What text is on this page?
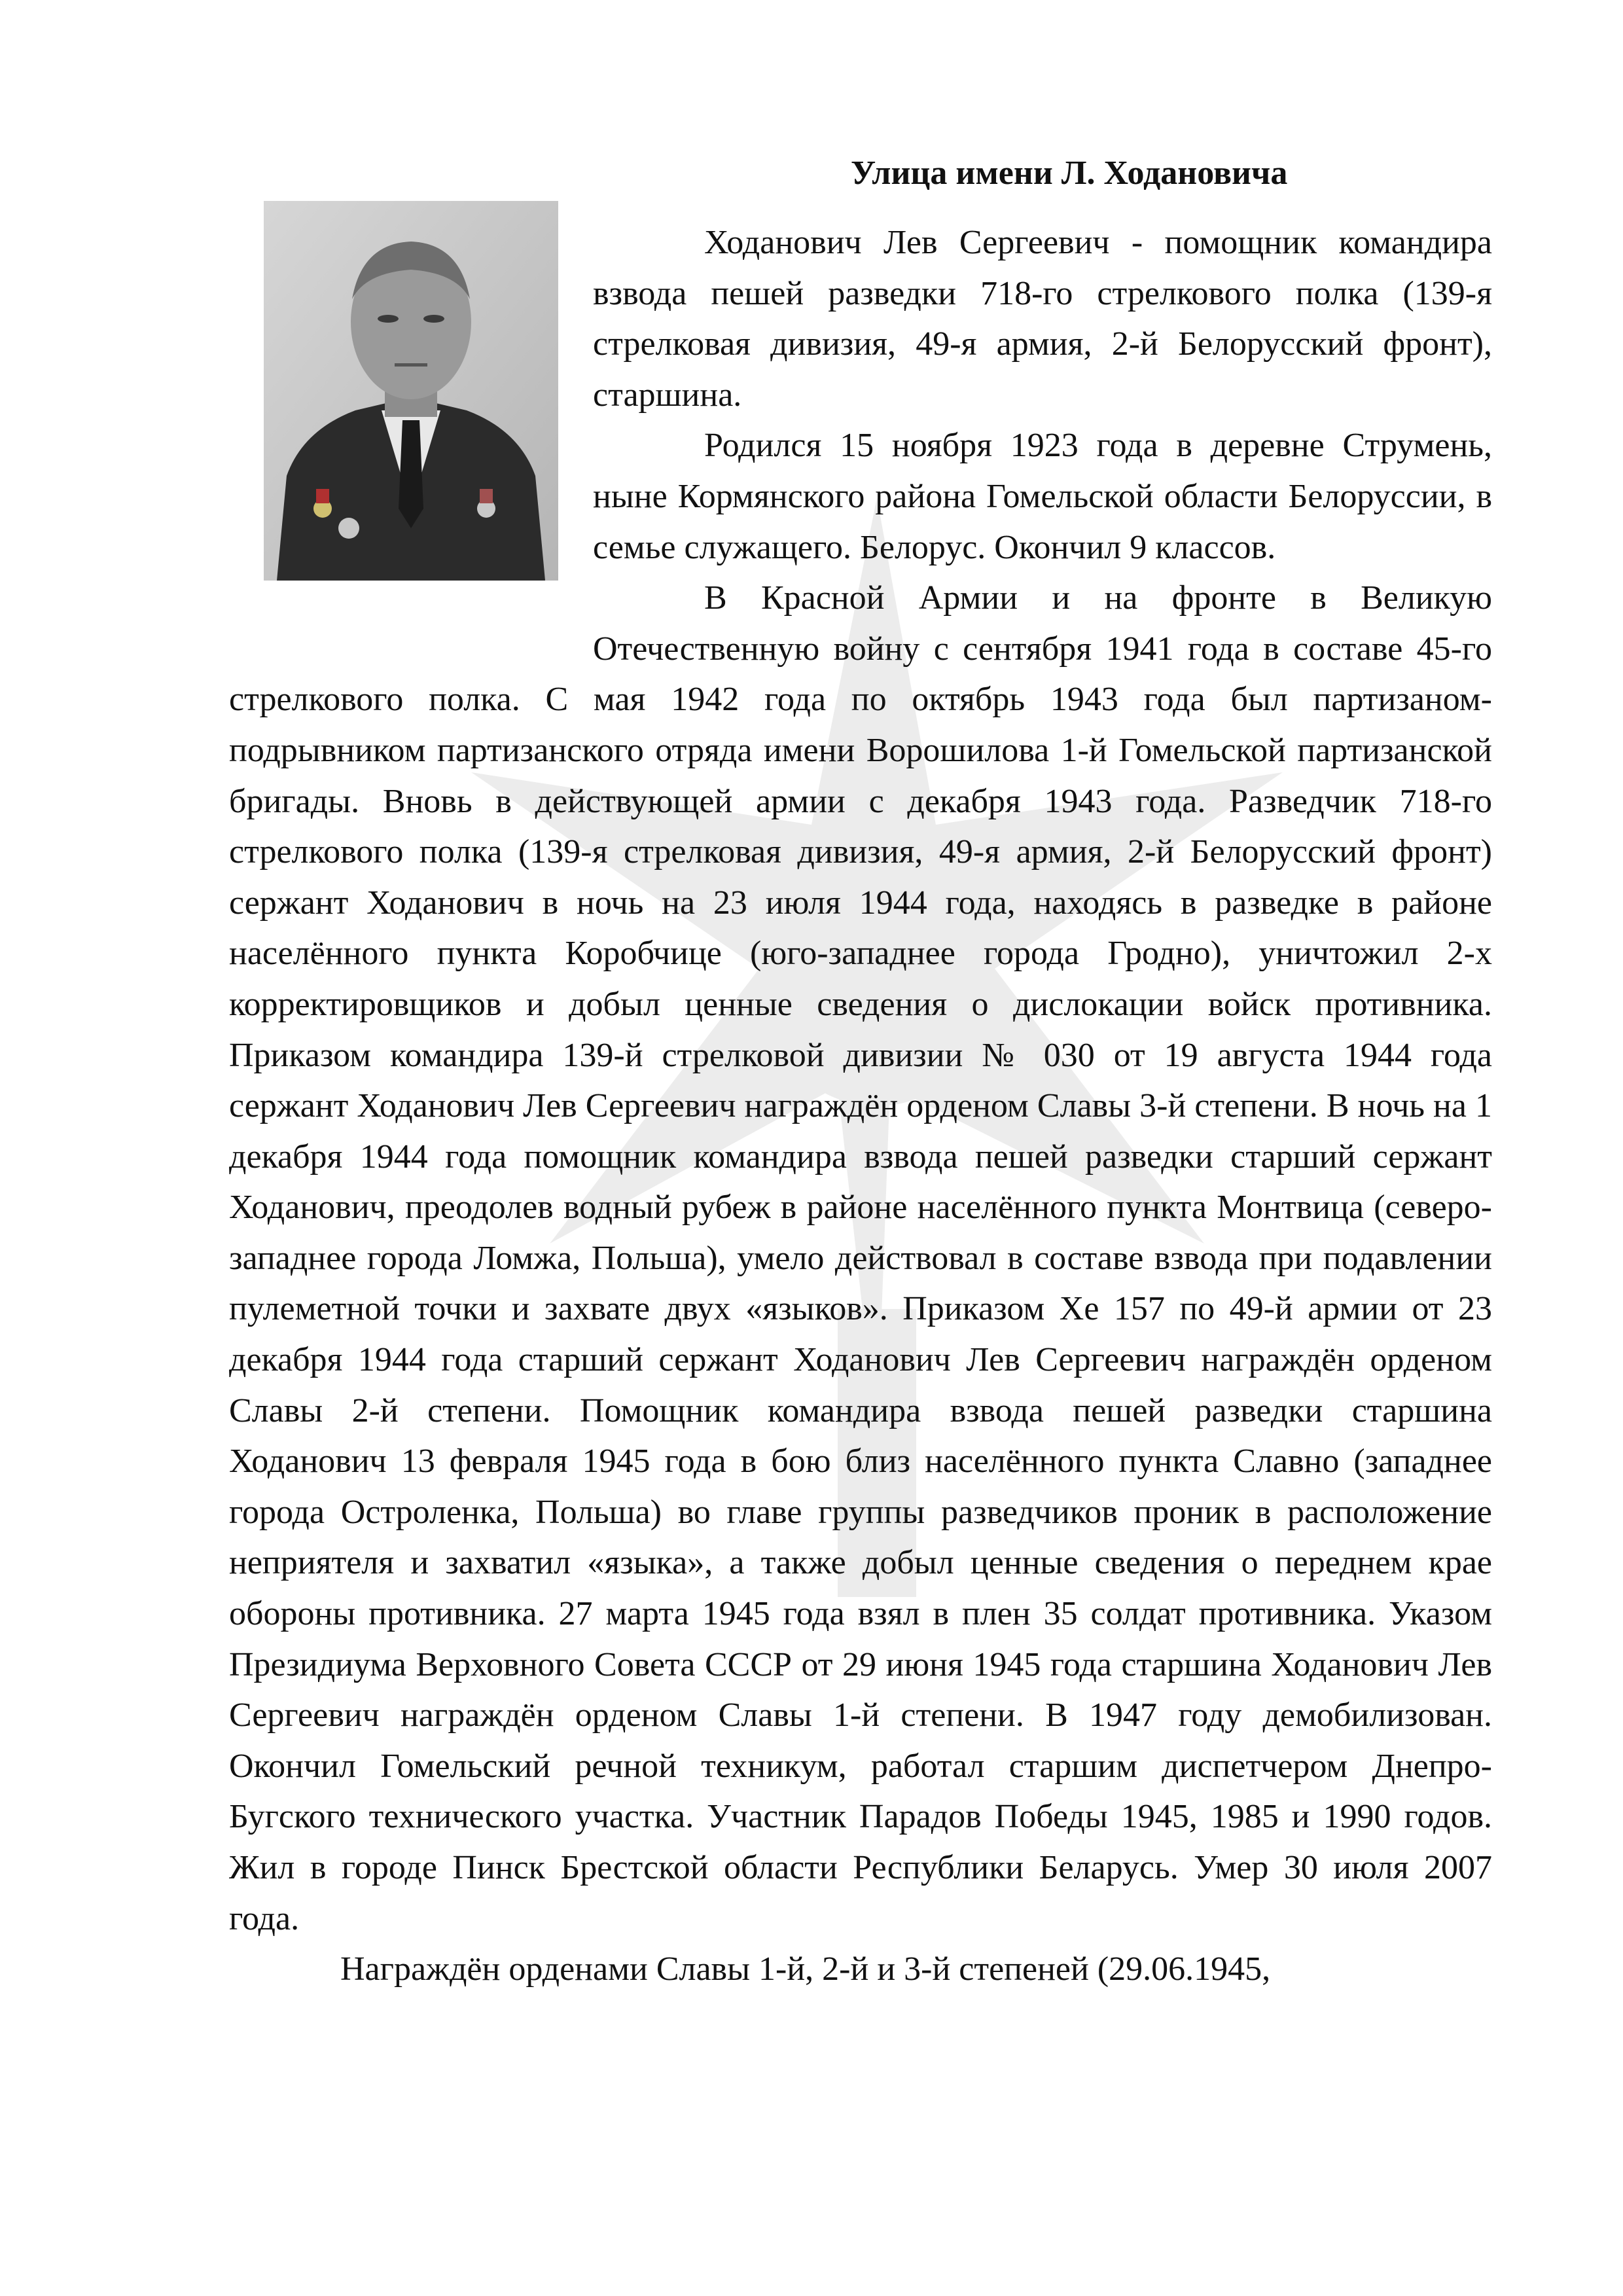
Улица имени Л. Ходановича

Ходанович Лев Сергеевич - помощник командира взвода пешей разведки 718-го стрелкового полка (139-я стрелковая дивизия, 49-я армия, 2-й Белорусский фронт), старшина.

Родился 15 ноября 1923 года в деревне Струмень, ныне Кормянского района Гомельской области Белоруссии, в семье служащего. Белорус. Окончил 9 классов.

В Красной Армии и на фронте в Великую Отечественную войну с сентября 1941 года в составе 45-го стрелкового полка. С мая 1942 года по октябрь 1943 года был партизаном-подрывником партизанского отряда имени Ворошилова 1-й Гомельской партизанской бригады. Вновь в действующей армии с декабря 1943 года. Разведчик 718-го стрелкового полка (139-я стрелковая дивизия, 49-я армия, 2-й Белорусский фронт) сержант Ходанович в ночь на 23 июля 1944 года, находясь в разведке в районе населённого пункта Коробчице (юго-западнее города Гродно), уничтожил 2-х корректировщиков и добыл ценные сведения о дислокации войск противника. Приказом командира 139-й стрелковой дивизии № 030 от 19 августа 1944 года сержант Ходанович Лев Сергеевич награждён орденом Славы 3-й степени. В ночь на 1 декабря 1944 года помощник командира взвода пешей разведки старший сержант Ходанович, преодолев водный рубеж в районе населённого пункта Монтвица (северо-западнее города Ломжа, Польша), умело действовал в составе взвода при подавлении пулеметной точки и захвате двух «языков». Приказом Хе 157 по 49-й армии от 23 декабря 1944 года старший сержант Ходанович Лев Сергеевич награждён орденом Славы 2-й степени. Помощник командира взвода пешей разведки старшина Ходанович 13 февраля 1945 года в бою близ населённого пункта Славно (западнее города Остроленка, Польша) во главе группы разведчиков проник в расположение неприятеля и захватил «языка», а также добыл ценные сведения о переднем крае обороны противника. 27 марта 1945 года взял в плен 35 солдат противника. Указом Президиума Верховного Совета СССР от 29 июня 1945 года старшина Ходанович Лев Сергеевич награждён орденом Славы 1-й степени. В 1947 году демобилизован. Окончил Гомельский речной техникум, работал старшим диспетчером Днепро-Бугского технического участка. Участник Парадов Победы 1945, 1985 и 1990 годов. Жил в городе Пинск Брестской области Республики Беларусь. Умер 30 июля 2007 года.

Награждён орденами Славы 1-й, 2-й и 3-й степеней (29.06.1945,
